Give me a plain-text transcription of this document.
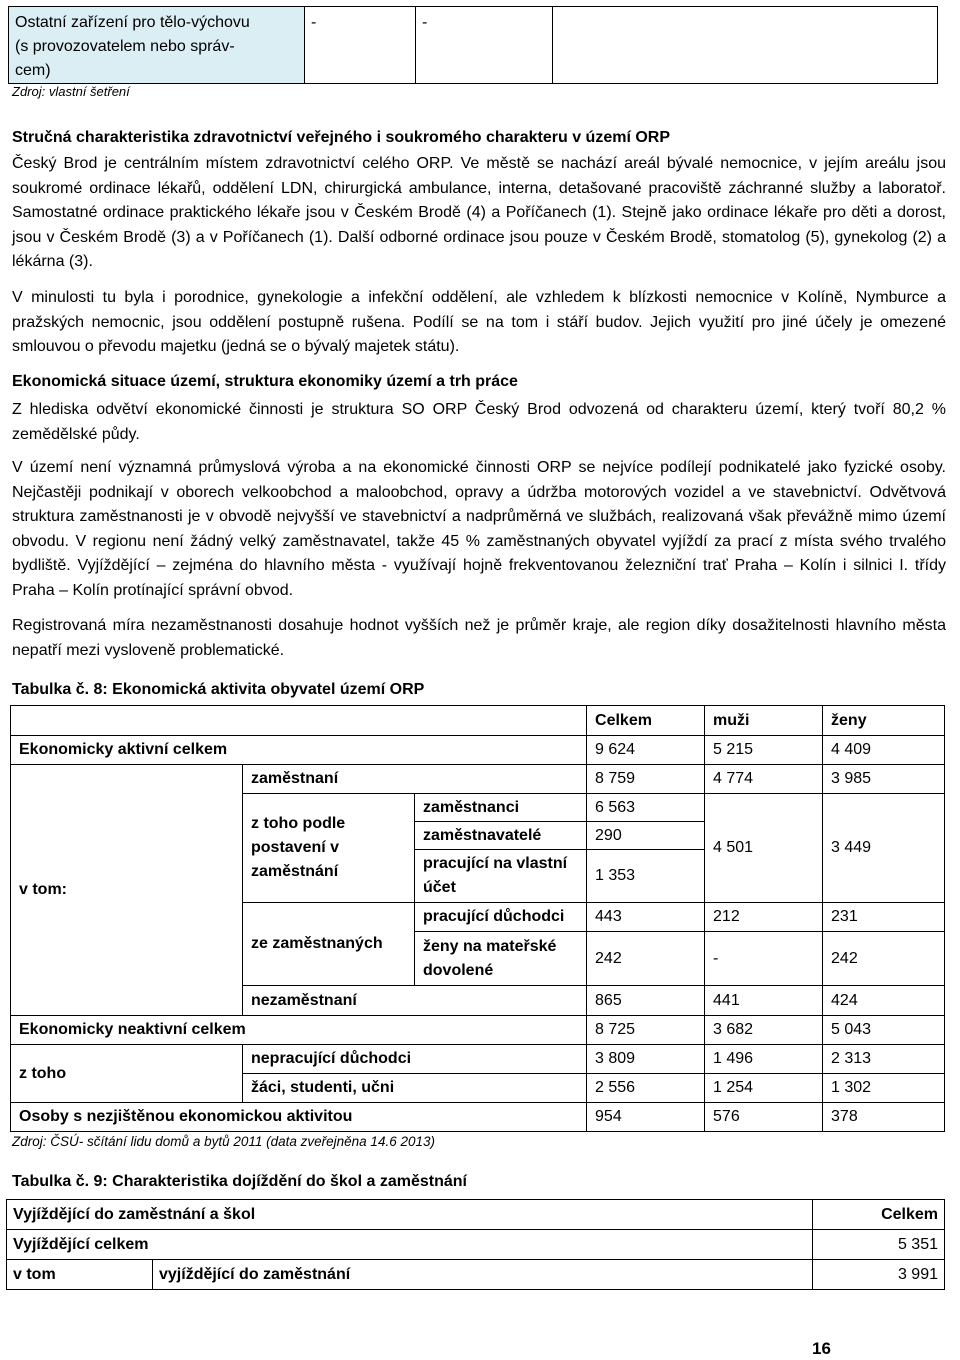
Ostatní zařízení pro tělo-výchovu
(s provozovatelem nebo správ-
cem)
	-	-	
Zdroj: vlastní šetření
Stručná charakteristika zdravotnictví veřejného i soukromého charakteru v území ORP
Český Brod je centrálním místem zdravotnictví celého ORP. Ve městě se nachází areál bývalé nemocnice, v jejím areálu jsou soukromé ordinace lékařů, oddělení LDN, chirurgická ambulance, interna, detašované pracoviště záchranné služby a laboratoř. Samostatné ordinace praktického lékaře jsou v Českém Brodě (4) a Poříčanech (1). Stejně jako ordinace lékaře pro děti a dorost, jsou v Českém Brodě (3) a v Poříčanech (1). Další odborné ordinace jsou pouze v Českém Brodě, stomatolog (5), gynekolog (2) a lékárna (3).
V minulosti tu byla i porodnice, gynekologie a infekční oddělení, ale vzhledem k blízkosti nemocnice v Kolíně, Nymburce a pražských nemocnic, jsou oddělení postupně rušena. Podílí se na tom i stáří budov. Jejich využití pro jiné účely je omezené smlouvou o převodu majetku (jedná se o bývalý majetek státu).
Ekonomická situace území, struktura ekonomiky území a trh práce
Z hlediska odvětví ekonomické činnosti je struktura SO ORP Český Brod odvozená od charakteru území, který tvoří 80,2 % zemědělské půdy.
V území není významná průmyslová výroba a na ekonomické činnosti ORP se nejvíce podílejí podnikatelé jako fyzické osoby. Nejčastěji podnikají v oborech velkoobchod a maloobchod, opravy a údržba motorových vozidel a ve stavebnictví. Odvětvová struktura zaměstnanosti je v obvodě nejvyšší ve stavebnictví a nadprůměrná ve službách, realizovaná však převážně mimo území obvodu. V regionu není žádný velký zaměstnavatel, takže 45 % zaměstnaných obyvatel vyjíždí za prací z místa svého trvalého bydliště. Vyjíždějící – zejména do hlavního města - využívají hojně frekventovanou železniční trať Praha – Kolín i silnici I. třídy Praha – Kolín protínající správní obvod.
Registrovaná míra nezaměstnanosti dosahuje hodnot vyšších než je průměr kraje, ale region díky dosažitelnosti hlavního města nepatří mezi vysloveně problematické.
Tabulka č. 8: Ekonomická aktivita obyvatel území ORP
			Celkem	muži	ženy
Ekonomicky aktivní celkem			9 624	5 215	4 409
v tom:	zaměstnaní		8 759	4 774	3 985
	z toho podle postavení v zaměstnání	zaměstnanci	6 563	4 501	3 449
		zaměstnavatelé	290		
		pracující na vlastní účet	1 353		
	ze zaměstnaných	pracující důchodci	443	212	231
		ženy na mateřské dovolené	242	-	242
	nezaměstnaní		865	441	424
Ekonomicky neaktivní celkem			8 725	3 682	5 043
z toho	nepracující důchodci		3 809	1 496	2 313
	žáci, studenti, učni		2 556	1 254	1 302
Osoby s nezjištěnou ekonomickou aktivitou			954	576	378
Zdroj: ČSÚ- sčítání lidu domů a bytů 2011 (data zveřejněna 14.6 2013)
Tabulka č. 9: Charakteristika dojíždění do škol a zaměstnání
Vyjíždějící do zaměstnání a škol		Celkem
Vyjíždějící celkem		5 351
v tom	vyjíždějící do zaměstnání	3 991
16
